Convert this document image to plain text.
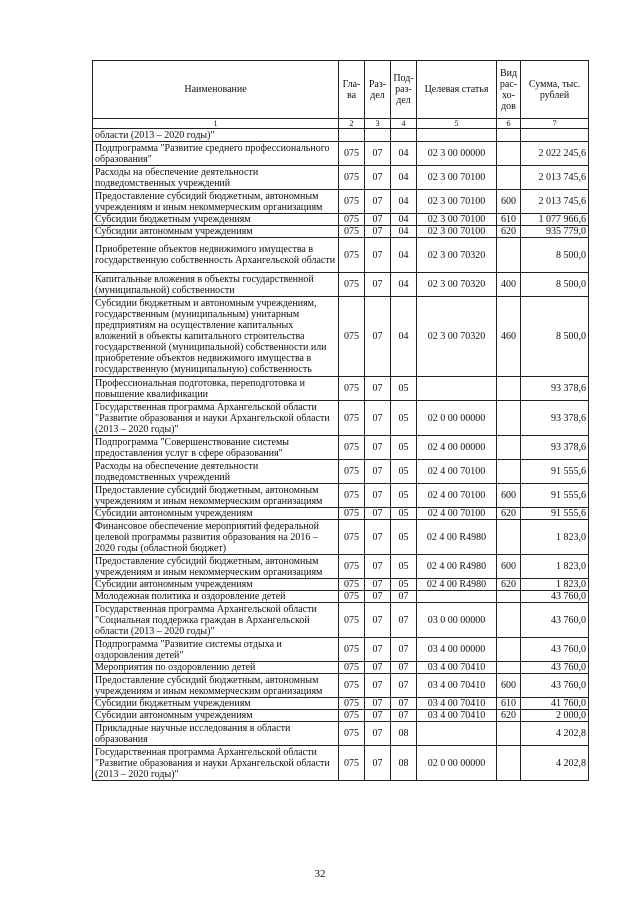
Наименование	Гла-ва	Раз-дел	Под-раз-дел	Целевая статья	Вид рас-хо-дов	Сумма, тыс. рублей
1	2	3	4	5	6	7
области (2013 – 2020 годы)"						
Подпрограмма "Развитие среднего профессионального образования"	075	07	04	02 3 00 00000		2 022 245,6
Расходы на обеспечение деятельности подведомственных учреждений	075	07	04	02 3 00 70100		2 013 745,6
Предоставление субсидий бюджетным, автономным учреждениям и иным некоммерческим организациям	075	07	04	02 3 00 70100	600	2 013 745,6
Субсидии бюджетным учреждениям	075	07	04	02 3 00 70100	610	1 077 966,6
Субсидии автономным учреждениям	075	07	04	02 3 00 70100	620	935 779,0
Приобретение объектов недвижимого имущества в государственную собственность Архангельской области	075	07	04	02 3 00 70320		8 500,0
Капитальные вложения в объекты государственной (муниципальной) собственности	075	07	04	02 3 00 70320	400	8 500,0
Субсидии бюджетным и автономным учреждениям, государственным (муниципальным) унитарным предприятиям на осуществление капитальных вложений в объекты капитального строительства государственной (муниципальной) собственности или приобретение объектов недвижимого имущества в государственную (муниципальную) собственность	075	07	04	02 3 00 70320	460	8 500,0
Профессиональная подготовка, переподготовка и повышение квалификации	075	07	05			93 378,6
Государственная программа Архангельской области "Развитие образования и науки Архангельской области (2013 – 2020 годы)"	075	07	05	02 0 00 00000		93 378,6
Подпрограмма "Совершенствование системы предоставления услуг в сфере образования"	075	07	05	02 4 00 00000		93 378,6
Расходы на обеспечение деятельности подведомственных учреждений	075	07	05	02 4 00 70100		91 555,6
Предоставление субсидий бюджетным, автономным учреждениям и иным некоммерческим организациям	075	07	05	02 4 00 70100	600	91 555,6
Субсидии автономным учреждениям	075	07	05	02 4 00 70100	620	91 555,6
Финансовое обеспечение мероприятий федеральной целевой программы развития образования на 2016 – 2020 годы (областной бюджет)	075	07	05	02 4 00 R4980		1 823,0
Предоставление субсидий бюджетным, автономным учреждениям и иным некоммерческим организациям	075	07	05	02 4 00 R4980	600	1 823,0
Субсидии автономным учреждениям	075	07	05	02 4 00 R4980	620	1 823,0
Молодежная политика и оздоровление детей	075	07	07			43 760,0
Государственная программа Архангельской области "Социальная поддержка граждан в Архангельской области (2013 – 2020 годы)"	075	07	07	03 0 00 00000		43 760,0
Подпрограмма "Развитие системы отдыха и оздоровления детей"	075	07	07	03 4 00 00000		43 760,0
Мероприятия по оздоровлению детей	075	07	07	03 4 00 70410		43 760,0
Предоставление субсидий бюджетным, автономным учреждениям и иным некоммерческим организациям	075	07	07	03 4 00 70410	600	43 760,0
Субсидии бюджетным учреждениям	075	07	07	03 4 00 70410	610	41 760,0
Субсидии автономным учреждениям	075	07	07	03 4 00 70410	620	2 000,0
Прикладные научные исследования в области образования	075	07	08			4 202,8
Государственная программа Архангельской области "Развитие образования и науки Архангельской области (2013 – 2020 годы)"	075	07	08	02 0 00 00000		4 202,8
32
